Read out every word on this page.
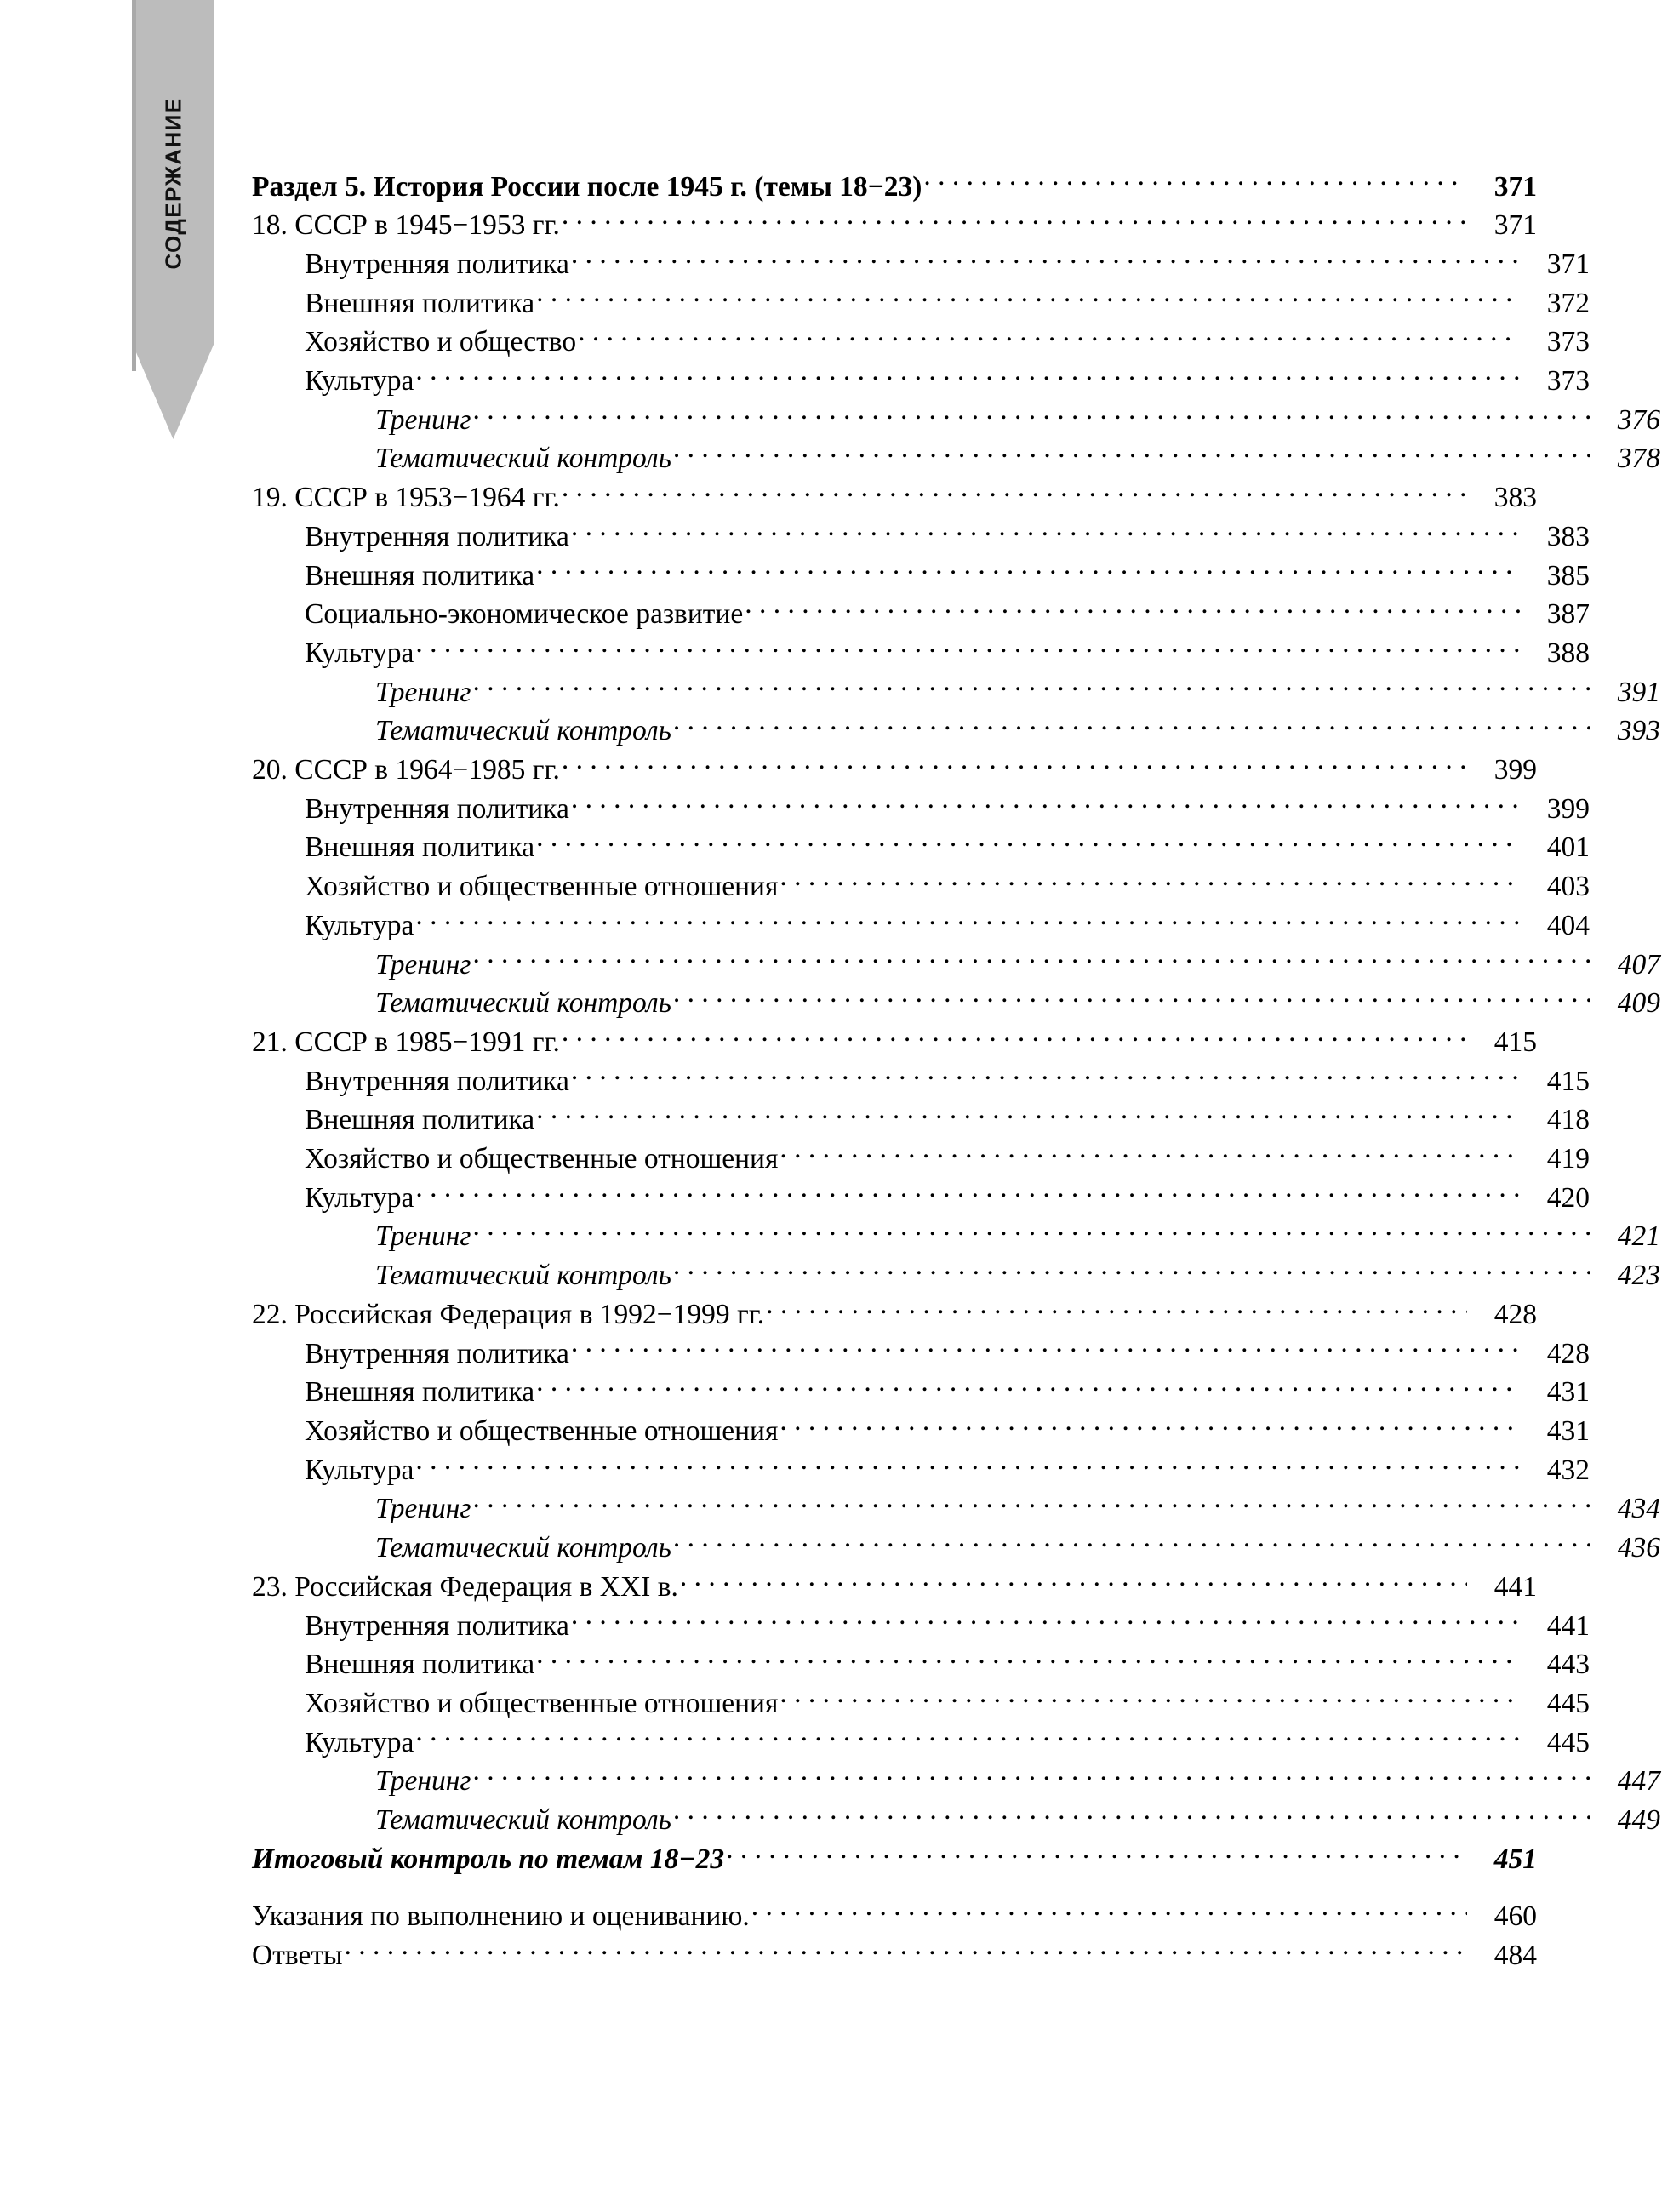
СОДЕРЖАНИЕ Раздел 5. История России после 1945 г. (темы 18−23) . . .	371
18. СССР в 1945−1953 гг. . . .	371
Внутренняя политика . . .	371
Внешняя политика . . .	372
Хозяйство и общество . . .	373
Культура . . .	373
Тренинг . . .	376
Тематический контроль . . .	378
19. СССР в 1953−1964 гг. . . .	383
Внутренняя политика . . .	383
Внешняя политика . . .	385
Социально-экономическое развитие . . .	387
Культура . . .	388
Тренинг . . .	391
Тематический контроль . . .	393
20. СССР в 1964−1985 гг. . . .	399
Внутренняя политика . . .	399
Внешняя политика . . .	401
Хозяйство и общественные отношения . . .	403
Культура . . .	404
Тренинг . . .	407
Тематический контроль . . .	409
21. СССР в 1985−1991 гг. . . .	415
Внутренняя политика . . .	415
Внешняя политика . . .	418
Хозяйство и общественные отношения . . .	419
Культура . . .	420
Тренинг . . .	421
Тематический контроль . . .	423
22. Российская Федерация в 1992−1999 гг. . . .	428
Внутренняя политика . . .	428
Внешняя политика . . .	431
Хозяйство и общественные отношения . . .	431
Культура . . .	432
Тренинг . . .	434
Тематический контроль . . .	436
23. Российская Федерация в XXI в. . . .	441
Внутренняя политика . . .	441
Внешняя политика . . .	443
Хозяйство и общественные отношения . . .	445
Культура . . .	445
Тренинг . . .	447
Тематический контроль . . .	449
Итоговый контроль по темам 18−23 . . .	451
Указания по выполнению и оцениванию. . . .	460
Ответы . . .	484
